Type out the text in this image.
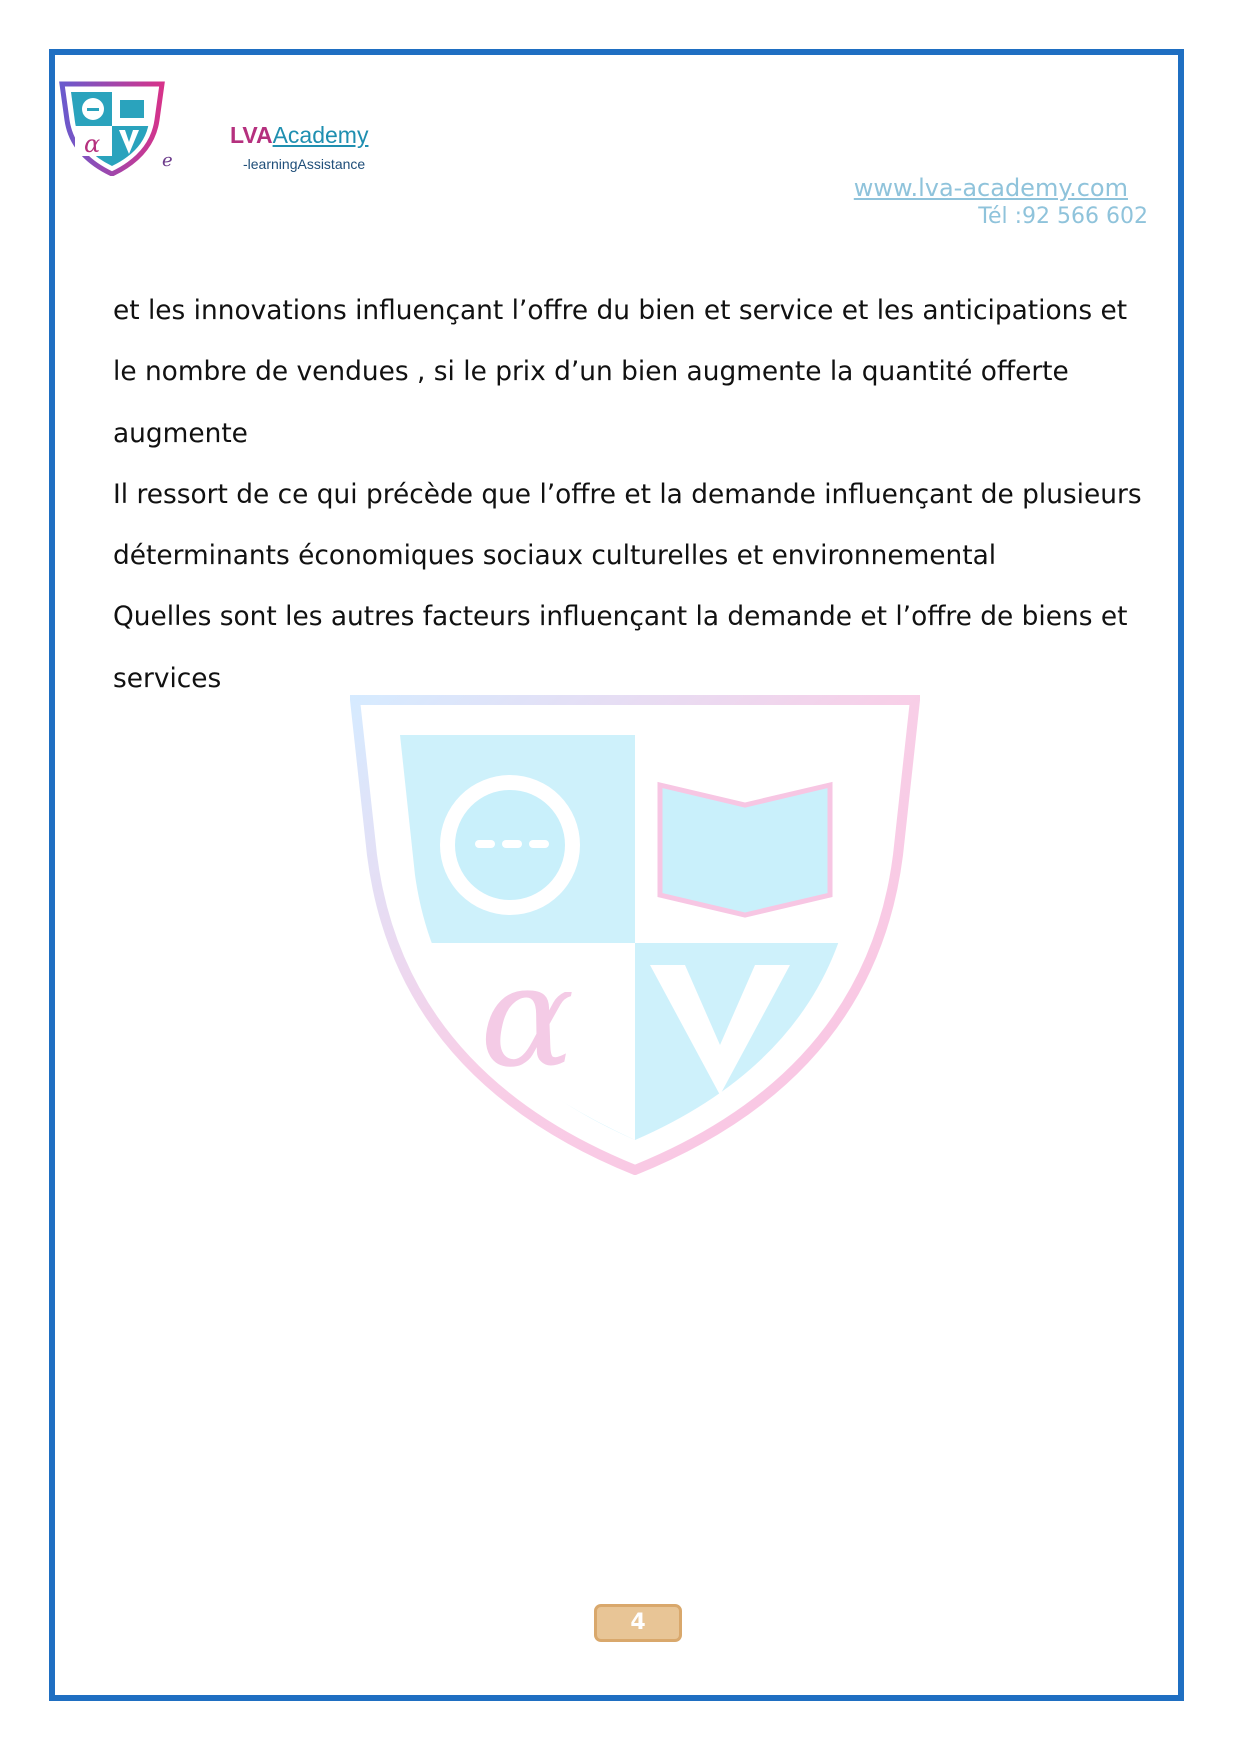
α
e
LVAAcademy
-learningAssistance
www.lva-academy.com
Tél :92 566 602
α

et les innovations influençant l’offre du bien et service et les anticipations et

le nombre de vendues , si le prix d’un bien augmente la quantité offerte

augmente

Il ressort de ce qui précède que l’offre et la demande influençant de plusieurs

déterminants économiques sociaux culturelles et environnemental

Quelles sont les autres facteurs influençant la demande et l’offre de biens et

services

4
